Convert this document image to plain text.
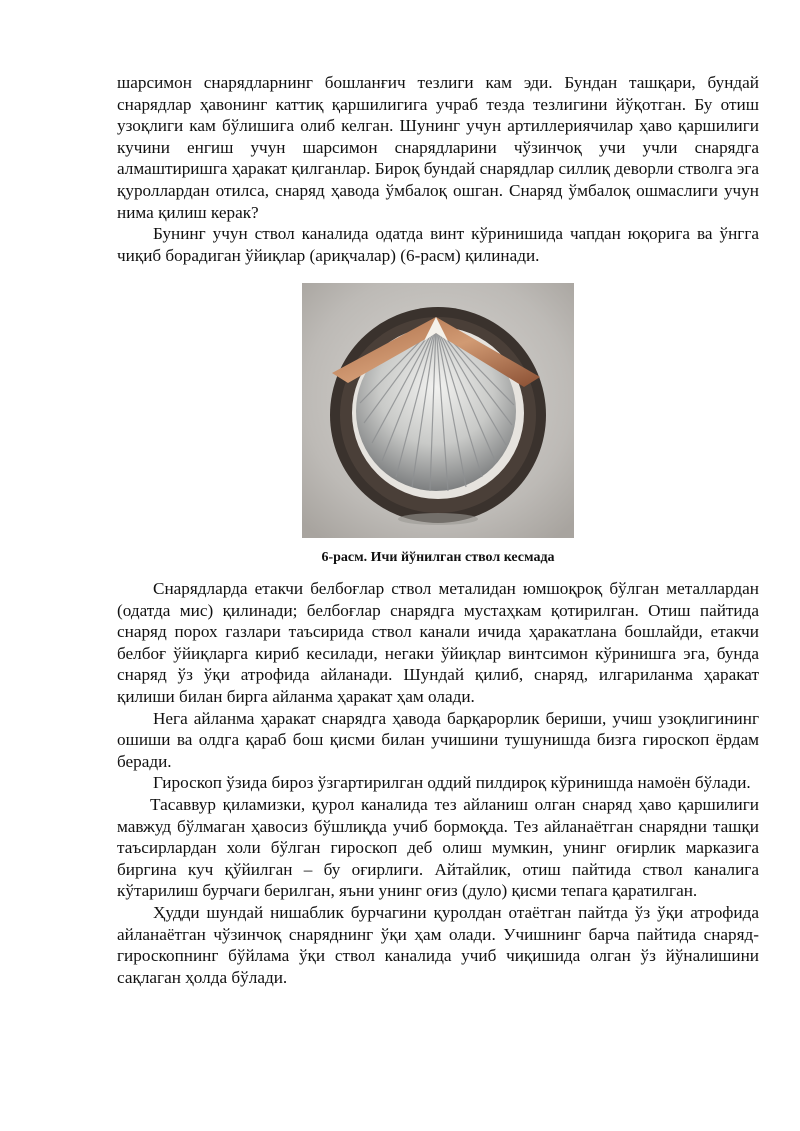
шарсимон снарядларнинг бошланғич тезлиги кам эди. Бундан ташқари, бундай снарядлар ҳавонинг каттиқ қаршилигига учраб тезда тезлигини йўқотган. Бу отиш узоқлиги кам бўлишига олиб келган. Шунинг учун артиллериячилар ҳаво қаршилиги кучини енгиш учун шарсимон снарядларини чўзинчоқ учи учли снарядга алмаштиришга ҳаракат қилганлар. Бироқ бундай снарядлар силлиқ деворли стволга эга қуроллардан отилса, снаряд ҳавода ўмбалоқ ошган. Снаряд ўмбалоқ ошмаслиги учун нима қилиш керак?

Бунинг учун ствол каналида одатда винт кўринишида чапдан юқорига ва ўнгга чиқиб борадиган ўйиқлар (ариқчалар) (6-расм) қилинади.

6-расм. Ичи йўнилган ствол кесмада

Снарядларда етакчи белбоғлар ствол металидан юмшоқроқ бўлган металлардан (одатда мис) қилинади; белбоғлар снарядга мустаҳкам қотирилган. Отиш пайтида снаряд порох газлари таъсирида ствол канали ичида ҳаракатлана бошлайди, етакчи белбоғ ўйиқларга кириб кесилади, негаки ўйиқлар винтсимон кўринишга эга, бунда снаряд ўз ўқи атрофида айланади. Шундай қилиб, снаряд, илгариланма ҳаракат қилиши билан бирга айланма ҳаракат ҳам олади.

Нега айланма ҳаракат снарядга ҳавода барқарорлик бериши, учиш узоқлигининг ошиши ва олдга қараб бош қисми билан учишини тушунишда бизга гироскоп ёрдам беради.

Гироскоп ўзида бироз ўзгартирилган оддий пилдироқ кўринишда намоён бўлади.

Тасаввур қиламизки, қурол каналида тез айланиш олган снаряд ҳаво қаршилиги мавжуд бўлмаган ҳавосиз бўшлиқда учиб бормоқда. Тез айланаётган снарядни ташқи таъсирлардан холи бўлган гироскоп деб олиш мумкин, унинг оғирлик марказига биргина куч қўйилган – бу оғирлиги. Айтайлик, отиш пайтида ствол каналига кўтарилиш бурчаги берилган, яъни унинг оғиз (дуло) қисми тепага қаратилган.

Ҳудди шундай нишаблик бурчагини қуролдан отаётган пайтда ўз ўқи атрофида айланаётган чўзинчоқ снаряднинг ўқи ҳам олади. Учишнинг барча пайтида снаряд-гироскопнинг бўйлама ўқи ствол каналида учиб чиқишида олган ўз йўналишини сақлаган ҳолда бўлади.
